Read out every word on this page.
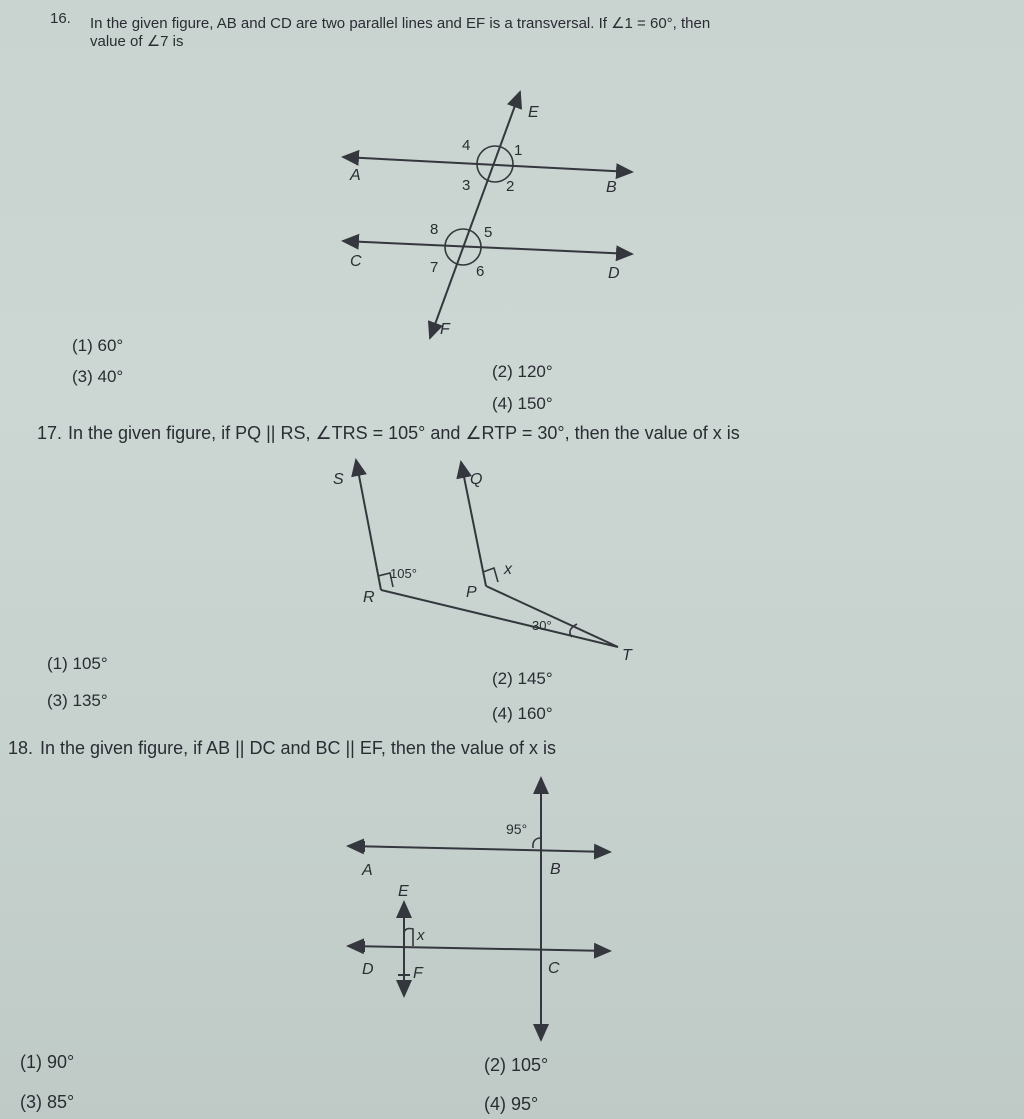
16. In the given figure, AB and CD are two parallel lines and EF is a transversal. If ∠1 = 60°, then
value of ∠7 is
E
F
A
B
C
D
1
2
3
4
5
6
7
8
(1) 60°
(2) 120°
(3) 40°
(4) 150°
17. In the given figure, if PQ || RS, ∠TRS = 105° and ∠RTP = 30°, then the value of x is
S	Q
R	P
T
x
105°
30°
(1) 105°
(2) 145°
(3) 135°
(4) 160°
18. In the given figure, if AB || DC and BC || EF, then the value of x is
95°
A	B
E
x
D F	C
(1) 90°	(2) 105°
(3) 85°	(4) 95°
